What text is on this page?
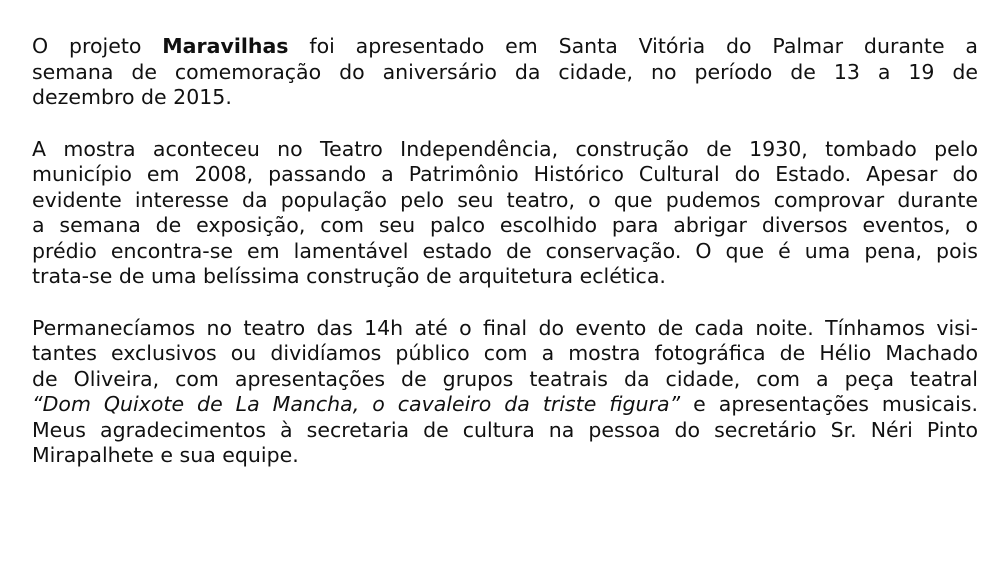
O projeto Maravilhas foi apresentado em Santa Vitória do Palmar durante a
semana de comemoração do aniversário da cidade, no período de 13 a 19 de
dezembro de 2015.

A mostra aconteceu no Teatro Independência, construção de 1930, tombado pelo
município em 2008, passando a Patrimônio Histórico Cultural do Estado. Apesar do
evidente interesse da população pelo seu teatro, o que pudemos comprovar durante
a semana de exposição, com seu palco escolhido para abrigar diversos eventos, o
prédio encontra-se em lamentável estado de conservação. O que é uma pena, pois
trata-se de uma belíssima construção de arquitetura eclética.

Permanecíamos no teatro das 14h até o final do evento de cada noite. Tínhamos visi-
tantes exclusivos ou dividíamos público com a mostra fotográfica de Hélio Machado
de Oliveira, com apresentações de grupos teatrais da cidade, com a peça teatral
“Dom Quixote de La Mancha, o cavaleiro da triste figura” e apresentações musicais.
Meus agradecimentos à secretaria de cultura na pessoa do secretário Sr. Néri Pinto
Mirapalhete e sua equipe.
